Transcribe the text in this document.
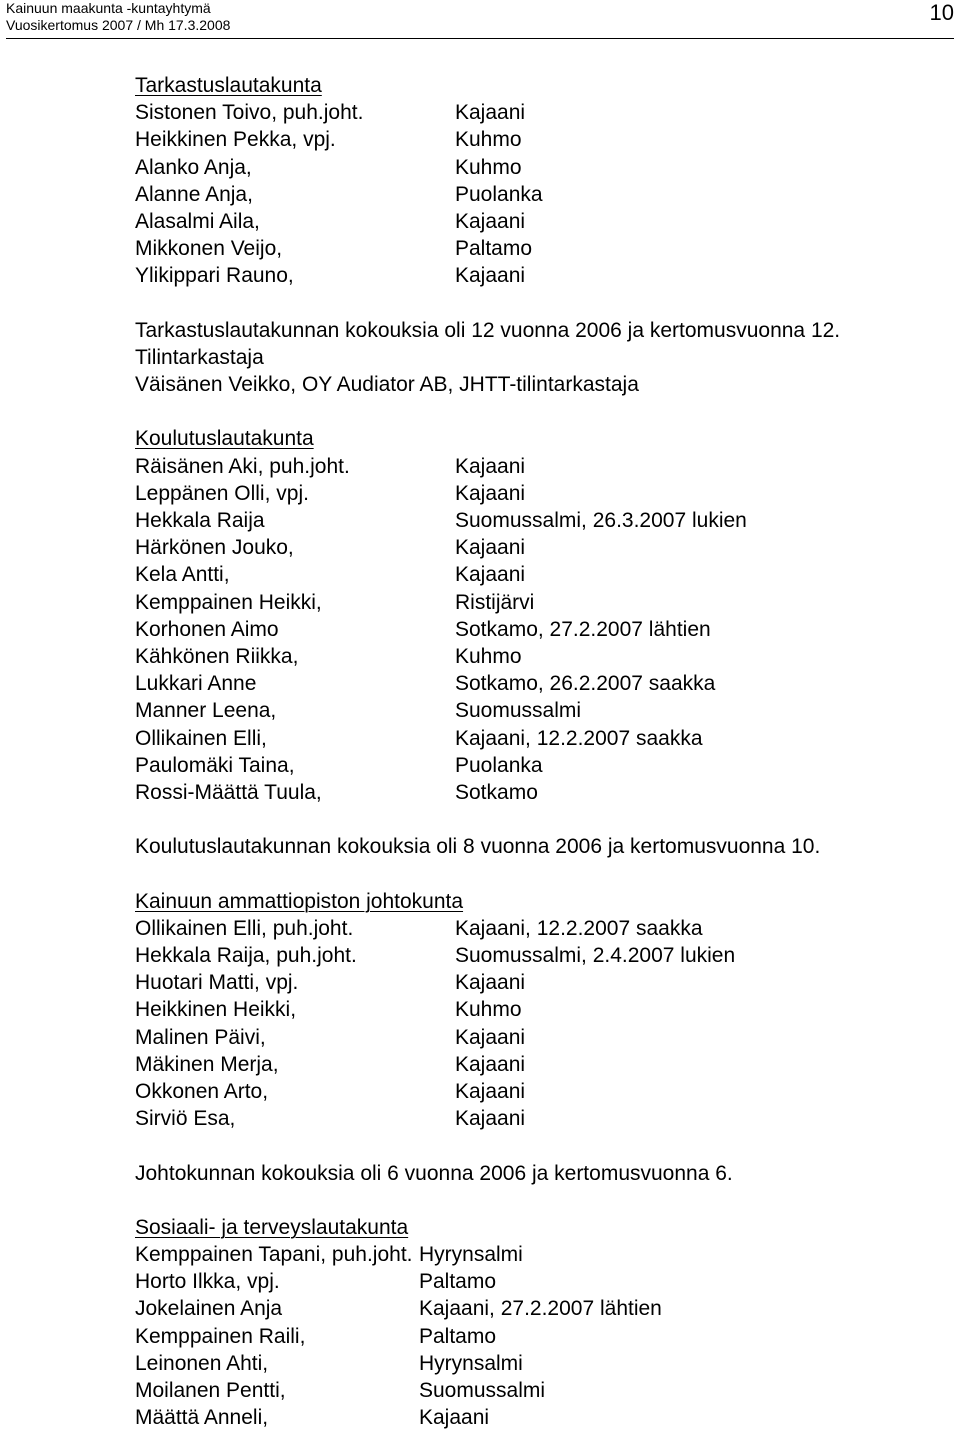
Kainuun maakunta -kuntayhtymä
Vuosikertomus 2007 / Mh 17.3.2008	10
Tarkastuslautakunta
Sistonen Toivo, puh.joht.	Kajaani
Heikkinen Pekka, vpj.	Kuhmo
Alanko Anja,	Kuhmo
Alanne Anja,	Puolanka
Alasalmi Aila,	Kajaani
Mikkonen Veijo,	Paltamo
Ylikippari Rauno,	Kajaani
Tarkastuslautakunnan kokouksia oli 12 vuonna 2006 ja kertomusvuonna 12.
Tilintarkastaja
Väisänen Veikko, OY Audiator AB, JHTT-tilintarkastaja
Koulutuslautakunta
Räisänen Aki, puh.joht.	Kajaani
Leppänen Olli, vpj.	Kajaani
Hekkala Raija	Suomussalmi, 26.3.2007 lukien
Härkönen Jouko,	Kajaani
Kela Antti,	Kajaani
Kemppainen Heikki,	Ristijärvi
Korhonen Aimo	Sotkamo, 27.2.2007 lähtien
Kähkönen Riikka,	Kuhmo
Lukkari Anne	Sotkamo, 26.2.2007 saakka
Manner Leena,	Suomussalmi
Ollikainen Elli,	Kajaani, 12.2.2007 saakka
Paulomäki Taina,	Puolanka
Rossi-Määttä Tuula,	Sotkamo
Koulutuslautakunnan kokouksia oli 8 vuonna 2006 ja kertomusvuonna 10.
Kainuun ammattiopiston johtokunta
Ollikainen Elli, puh.joht.	Kajaani, 12.2.2007 saakka
Hekkala Raija, puh.joht.	Suomussalmi, 2.4.2007 lukien
Huotari Matti, vpj.	Kajaani
Heikkinen Heikki,	Kuhmo
Malinen Päivi,	Kajaani
Mäkinen Merja,	Kajaani
Okkonen Arto,	Kajaani
Sirviö Esa,	Kajaani
Johtokunnan kokouksia oli 6 vuonna 2006 ja kertomusvuonna 6.
Sosiaali- ja terveyslautakunta
Kemppainen Tapani, puh.joht. Hyrynsalmi
Horto Ilkka, vpj.	Paltamo
Jokelainen Anja	Kajaani, 27.2.2007 lähtien
Kemppainen Raili,	Paltamo
Leinonen Ahti,	Hyrynsalmi
Moilanen Pentti,	Suomussalmi
Määttä Anneli,	Kajaani
